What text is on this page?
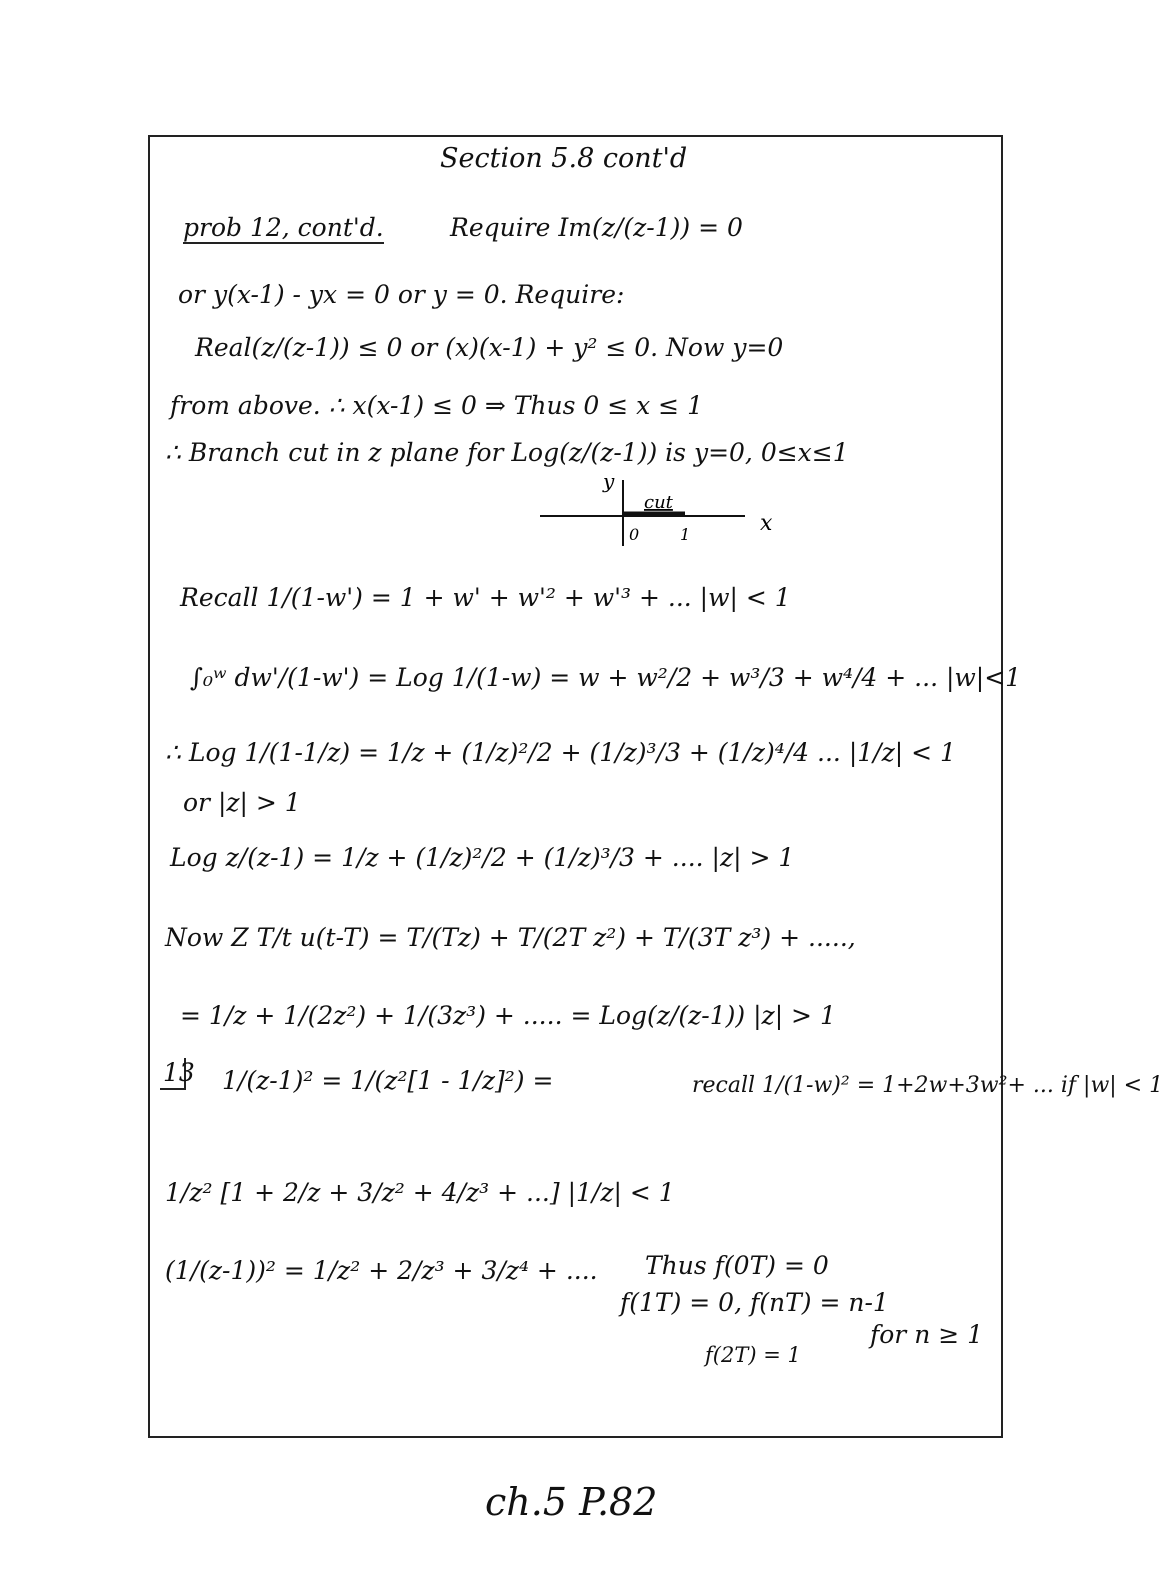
Section 5.8 cont'd
prob 12, cont'd.	Require Im(z/(z-1)) = 0
or y(x-1) - yx = 0 or y = 0. Require:
Real(z/(z-1)) ≤ 0 or (x)(x-1) + y² ≤ 0. Now y=0
from above. ∴ x(x-1) ≤ 0 ⇒ Thus 0 ≤ x ≤ 1
∴ Branch cut in z plane for Log(z/(z-1)) is y=0, 0≤x≤1
y
x
cut
0	1
Recall 1/(1-w') = 1 + w' + w'² + w'³ + ... |w| < 1
∫₀ʷ dw'/(1-w') = Log 1/(1-w) = w + w²/2 + w³/3 + w⁴/4 + ... |w|<1
∴ Log 1/(1-1/z) = 1/z + (1/z)²/2 + (1/z)³/3 + (1/z)⁴/4 ... |1/z| < 1
or |z| > 1
Log z/(z-1) = 1/z + (1/z)²/2 + (1/z)³/3 + .... |z| > 1
Now Z T/t u(t-T) = T/(Tz) + T/(2T z²) + T/(3T z³) + .....,
= 1/z + 1/(2z²) + 1/(3z³) + ..... = Log(z/(z-1)) |z| > 1
13 1/(z-1)² = 1/(z²[1 - 1/z]²) =	recall 1/(1-w)² = 1+2w+3w²+ ... if |w| < 1
1/z² [1 + 2/z + 3/z² + 4/z³ + ...] |1/z| < 1
(1/(z-1))² = 1/z² + 2/z³ + 3/z⁴ + .... Thus f(0T) = 0
f(1T) = 0, f(nT) = n-1
for n ≥ 1
f(2T) = 1
ch.5 P.82
